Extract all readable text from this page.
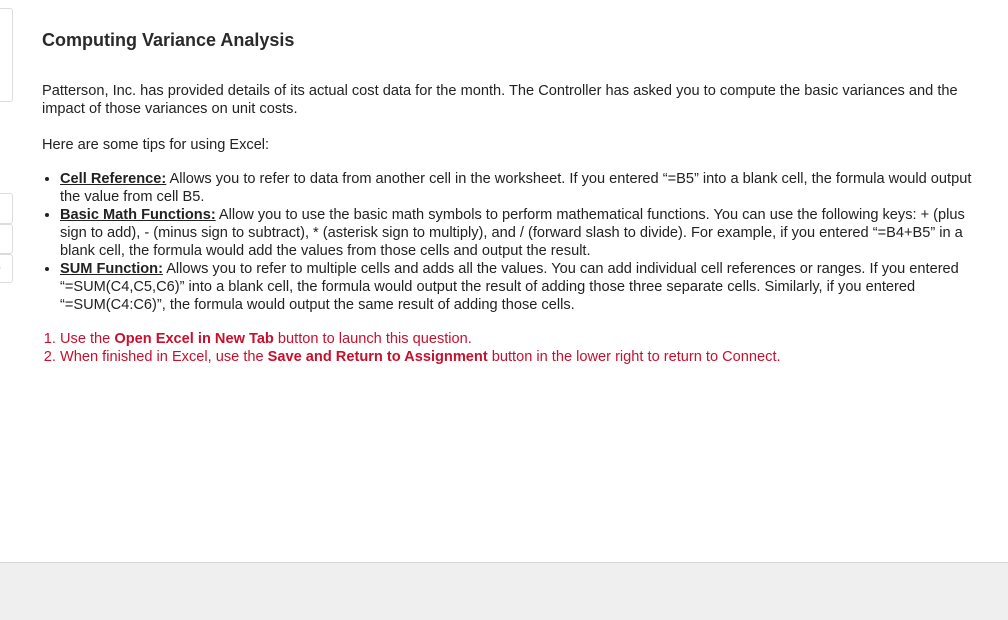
Computing Variance Analysis

Patterson, Inc. has provided details of its actual cost data for the month. The Controller has asked you to compute the basic variances and the impact of those variances on unit costs.

Here are some tips for using Excel:

• Cell Reference: Allows you to refer to data from another cell in the worksheet. If you entered “=B5” into a blank cell, the formula would output the value from cell B5.
• Basic Math Functions: Allow you to use the basic math symbols to perform mathematical functions. You can use the following keys: + (plus sign to add), - (minus sign to subtract), * (asterisk sign to multiply), and / (forward slash to divide). For example, if you entered “=B4+B5” in a blank cell, the formula would add the values from those cells and output the result.
• SUM Function: Allows you to refer to multiple cells and adds all the values. You can add individual cell references or ranges. If you entered “=SUM(C4,C5,C6)” into a blank cell, the formula would output the result of adding those three separate cells. Similarly, if you entered “=SUM(C4:C6)”, the formula would output the same result of adding those cells.
1. Use the Open Excel in New Tab button to launch this question.
2. When finished in Excel, use the Save and Return to Assignment button in the lower right to return to Connect.
